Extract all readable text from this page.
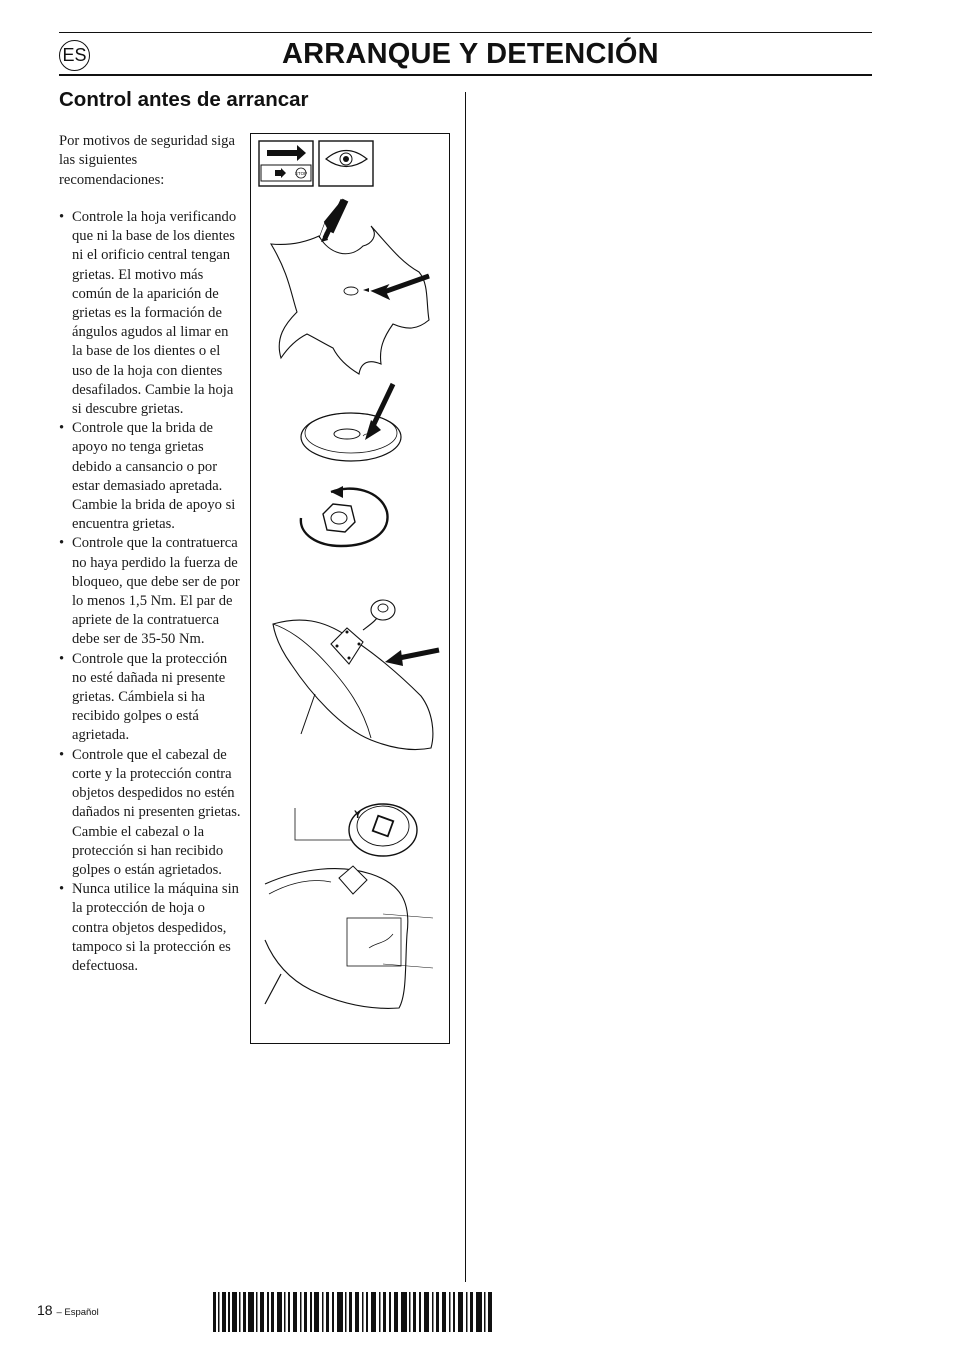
ES	ARRANQUE Y DETENCIÓN
Control antes de arrancar

Por motivos de seguridad siga las siguientes recomendaciones:

• Controle la hoja verificando que ni la base de los dientes ni el orificio central tengan grietas. El motivo más común de la aparición de grietas es la formación de ángulos agudos al limar en la base de los dientes o el uso de la hoja con dientes desafilados. Cambie la hoja si descubre grietas.
• Controle que la brida de apoyo no tenga grietas debido a cansancio o por estar demasiado apretada. Cambie la brida de apoyo si encuentra grietas.
• Controle que la contratuerca no haya perdido la fuerza de bloqueo, que debe ser de por lo menos 1,5 Nm. El par de apriete de la contratuerca debe ser de 35-50 Nm.
• Controle que la protección no esté dañada ni presente grietas. Cámbiela si ha recibido golpes o está agrietada.
• Controle que el cabezal de corte y la protección contra objetos despedidos no estén dañados ni presenten grietas. Cambie el cabezal o la protección si han recibido golpes o están agrietados.
• Nunca utilice la máquina sin la protección de hoja o contra objetos despedidos, tampoco si la protección es defectuosa.
STOP
Y
18 – Español
